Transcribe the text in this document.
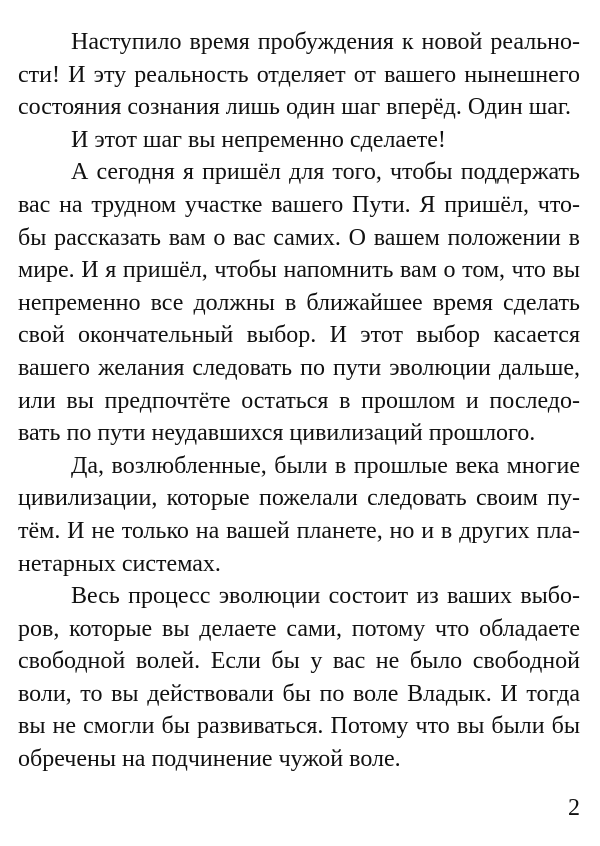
Наступило время пробуждения к новой реально-
сти! И эту реальность отделяет от вашего нынешнего
состояния сознания лишь один шаг вперёд. Один шаг.
И этот шаг вы непременно сделаете!
А сегодня я пришёл для того, чтобы поддержать
вас на трудном участке вашего Пути. Я пришёл, что-
бы рассказать вам о вас самих. О вашем положении в
мире. И я пришёл, чтобы напомнить вам о том, что вы
непременно все должны в ближайшее время сделать
свой окончательный выбор. И этот выбор касается
вашего желания следовать по пути эволюции дальше,
или вы предпочтёте остаться в прошлом и последо-
вать по пути неудавшихся цивилизаций прошлого.
Да, возлюбленные, были в прошлые века многие
цивилизации, которые пожелали следовать своим пу-
тём. И не только на вашей планете, но и в других пла-
нетарных системах.
Весь процесс эволюции состоит из ваших выбо-
ров, которые вы делаете сами, потому что обладаете
свободной волей. Если бы у вас не было свободной
воли, то вы действовали бы по воле Владык. И тогда
вы не смогли бы развиваться. Потому что вы были бы
обречены на подчинение чужой воле.
2
